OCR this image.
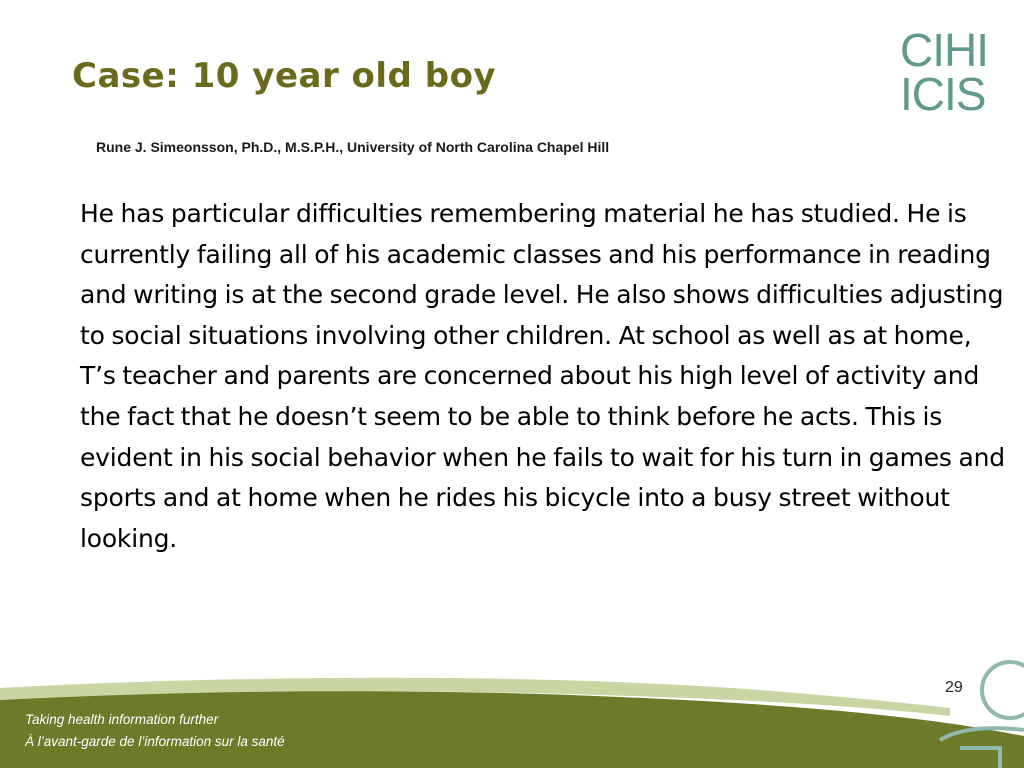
Case: 10 year old boy
Rune J. Simeonsson, Ph.D., M.S.P.H., University of North Carolina Chapel Hill
CIHI
ICIS

He has particular difficulties remembering material he has studied. He is currently failing all of his academic classes and his performance in reading and writing is at the second grade level. He also shows difficulties adjusting to social situations involving other children. At school as well as at home, T’s teacher and parents are concerned about his high level of activity and the fact that he doesn’t seem to be able to think before he acts. This is evident in his social behavior when he fails to wait for his turn in games and sports and at home when he rides his bicycle into a busy street without looking.

29
Taking health information further
À l’avant-garde de l’information sur la santé
